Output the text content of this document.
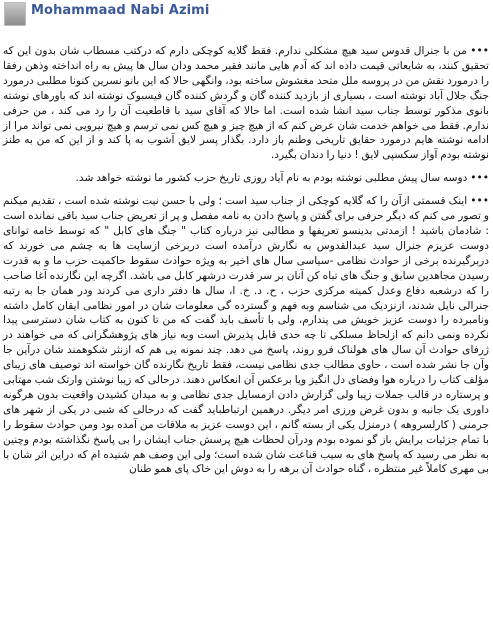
Mohammaad Nabi Azimi

••• من با جنرال قدوس سید هیچ مشکلی ندارم. فقط گلایه کوچکی دارم که درکتب مسطاب شان بدون این که تحقیق کنند، به شایعاتی قیمت داده اند که آدم هایی مانند فقیر محمد ودان سال ها پیش به راه انداخته وذهن رفقا را درمورد نقش من در پروسه ملل متحد مغشوش ساخته بود، وانگهی حالا که این بانو نسرین کنونا مطلبی درمورد جنگ جلال آباد نوشته است ، بسیاری از بازدید کننده گان و گردش کننده گان فیسبوک نوشته اند که باورهای نوشته بانوی مذکور توسط جناب سید انشا شده است. اما حالا که آقای سید با قاطعیت آن را رد می کند ، من حرفی ندارم. فقط می خواهم خدمت شان عرض کنم که از هیچ چیز و هیچ کس نمی ترسم و هیچ نیرویی نمی تواند مرا از ادامه نوشته هایم درمورد حقایق تاریخی وطنم باز دارد. بگذار پسر لایق آشوب به پا کند و از این که من به طنز نوشته بودم آواز سکسپی لایق ! دنیا را دندان بگیرد.

••• دوسه سال پیش مطلبی نوشته بودم به نام آیاد روزی تاریخ حزب کشور ما نوشته خواهد شد.

••• اینک قسمتی ازآن را که گلایه کوچکی از جناب سید است ؛ ولی با حسن نیت نوشته شده است ، تقدیم میکنم و تصور می کنم که دیگر حرفی برای گفتن و پاسخ دادن به نامه مفصل و پر از تعریض جناب سید باقی نمانده است : شادمان باشید ! ازمدتی بدینسو تعریفها و مطالبی نیز درباره کتاب " جنگ های کابل " که توسط خامه توانای دوست عزیزم جنرال سید عبدالقدوس به نگارش درآمده است دربرخی ازسایت ها به چشم می خورند که دربرگیرنده برخی از حوادث نظامی -سیاسی سال های اخیر به ویژه حوادث سقوط حاکمیت حزب ما و به قدرت رسیدن مجاهدین سابق و جنگ های تباه کن آنان بر سر قدرت درشهر کابل می باشد. اگرچه این نگارنده آغا صاحب را که درشعبه دفاع وعدل کمیته مرکزی حزب ، ح. د. خ. ا، سال ها دفتر داری می کردند ودر همان جا به رتبه جنرالی نایل شدند، ازنزدیک می شناسم وبه فهم و گسترده گی معلومات شان در امور نظامی ایقان کامل داشته ونامبرده را دوست عزیز خویش می پندارم، ولی با تأسف باید گفت که من تا کنون به کتاب شان دسترسی پیدا نکرده ونمی دانم که ازلحاظ مسلکی تا چه حدی قابل پذیرش است وبه نیاز های پژوهشگرانی که می خواهند در ژرفای حوادث آن سال های هولناک فرو روند، پاسخ می دهد. چند نمونه یی هم که ازنثر شکوهمند شان درآین جا وآن جا نشر شده است ، حاوی مطالب جدی نظامی نیست، فقط تاریخ نگارنده گان خواسته اند توصیف های زیبای مؤلف کتاب را درباره هوا وفضای دل انگیز ویا برعکس آن انعکاس دهند. درحالی که زیبا نوشتن وارتک شب مهتابی و پرستاره در قالب جملات زیبا ولی گزارش دادن ازمسایل جدی نظامی و به میدان کشیدن واقعیت بدون هرگونه داوری یک جانبه و بدون غرض ورزی امر دیگر. درهمین ارتباطباید گفت که درحالی که شبی در یکی از شهر های جرمنی ( کارلسروهه ) درمنزل یکی از بسته گانم ، این دوست عزیز به ملاقات من آمده بود ومن حوادث سقوط را با تمام جزئیات برایش باز گو نموده بودم ودرآن لحظات هیچ پرسش جناب ایشان را بی پاسخ نگذاشته بودم وچنین به نظر می رسید که پاسخ های به سیب قناعت شان شده است؛ ولی این وصف هم شنیده ام که دراین اثر شان با بی مهری کاملاً غیر منتظره ، گناه حوادث آن برهه را به دوش این خاک پای همو طنان
